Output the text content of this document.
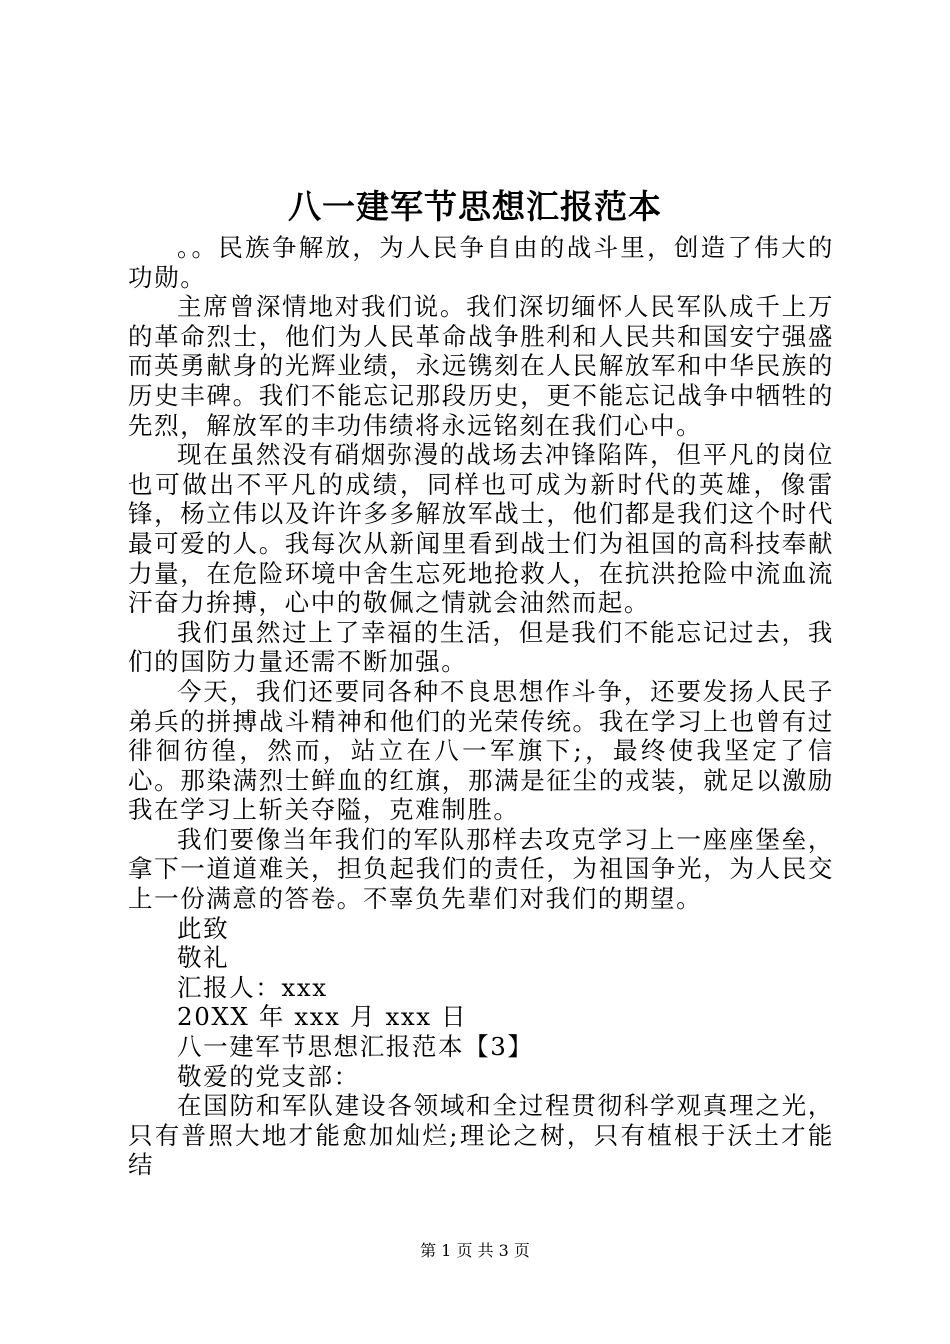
八一建军节思想汇报范本

。。民族争解放，为人民争自由的战斗里，创造了伟大的功勋。

主席曾深情地对我们说。我们深切缅怀人民军队成千上万的革命烈士，他们为人民革命战争胜利和人民共和国安宁强盛而英勇献身的光辉业绩，永远镌刻在人民解放军和中华民族的历史丰碑。我们不能忘记那段历史，更不能忘记战争中牺牲的先烈，解放军的丰功伟绩将永远铭刻在我们心中。

现在虽然没有硝烟弥漫的战场去冲锋陷阵，但平凡的岗位也可做出不平凡的成绩，同样也可成为新时代的英雄，像雷锋，杨立伟以及许许多多解放军战士，他们都是我们这个时代最可爱的人。我每次从新闻里看到战士们为祖国的高科技奉献力量，在危险环境中舍生忘死地抢救人，在抗洪抢险中流血流汗奋力拚搏，心中的敬佩之情就会油然而起。

我们虽然过上了幸福的生活，但是我们不能忘记过去，我们的国防力量还需不断加强。

今天，我们还要同各种不良思想作斗争，还要发扬人民子弟兵的拼搏战斗精神和他们的光荣传统。我在学习上也曾有过徘徊彷徨，然而，站立在八一军旗下;，最终使我坚定了信心。那染满烈士鲜血的红旗，那满是征尘的戎装，就足以激励我在学习上斩关夺隘，克难制胜。

我们要像当年我们的军队那样去攻克学习上一座座堡垒，拿下一道道难关，担负起我们的责任，为祖国争光，为人民交上一份满意的答卷。不辜负先辈们对我们的期望。

此致

敬礼

汇报人：xxx

20XX 年 xxx 月 xxx 日

八一建军节思想汇报范本【3】

敬爱的党支部：

在国防和军队建设各领域和全过程贯彻科学观真理之光，只有普照大地才能愈加灿烂;理论之树，只有植根于沃土才能结

第 1 页 共 3 页
